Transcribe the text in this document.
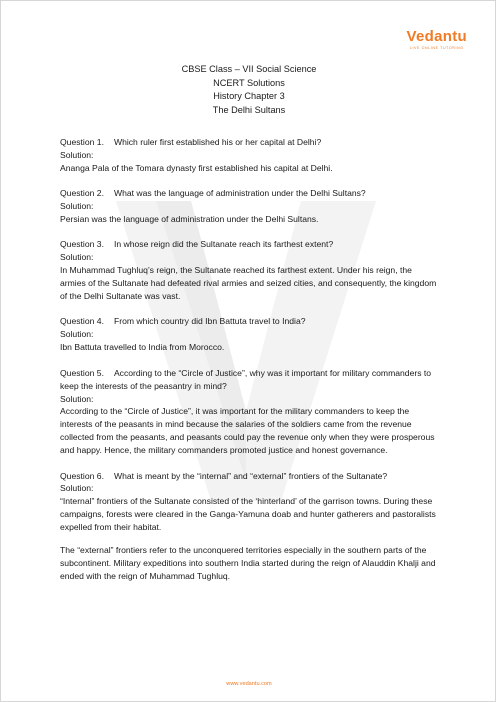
Vedantu
LIVE ONLINE TUTORING
CBSE Class – VII Social Science
NCERT Solutions
History Chapter 3
The Delhi Sultans

Question 1. Which ruler first established his or her capital at Delhi?

Solution:

Ananga Pala of the Tomara dynasty first established his capital at Delhi.

Question 2. What was the language of administration under the Delhi Sultans?

Solution:

Persian was the language of administration under the Delhi Sultans.

Question 3. In whose reign did the Sultanate reach its farthest extent?

Solution:

In Muhammad Tughluq’s reign, the Sultanate reached its farthest extent. Under his reign, the armies of the Sultanate had defeated rival armies and seized cities, and consequently, the kingdom of the Delhi Sultanate was vast.

Question 4. From which country did Ibn Battuta travel to India?

Solution:

Ibn Battuta travelled to India from Morocco.

Question 5. According to the “Circle of Justice”, why was it important for military commanders to keep the interests of the peasantry in mind?

Solution:

According to the “Circle of Justice”, it was important for the military commanders to keep the interests of the peasants in mind because the salaries of the soldiers came from the revenue collected from the peasants, and peasants could pay the revenue only when they were prosperous and happy. Hence, the military commanders promoted justice and honest governance.

Question 6. What is meant by the “internal” and “external” frontiers of the Sultanate?

Solution:

“Internal” frontiers of the Sultanate consisted of the ‘hinterland’ of the garrison towns. During these campaigns, forests were cleared in the Ganga-Yamuna doab and hunter gatherers and pastoralists expelled from their habitat.

The “external” frontiers refer to the unconquered territories especially in the southern parts of the subcontinent. Military expeditions into southern India started during the reign of Alauddin Khalji and ended with the reign of Muhammad Tughluq.

www.vedantu.com
